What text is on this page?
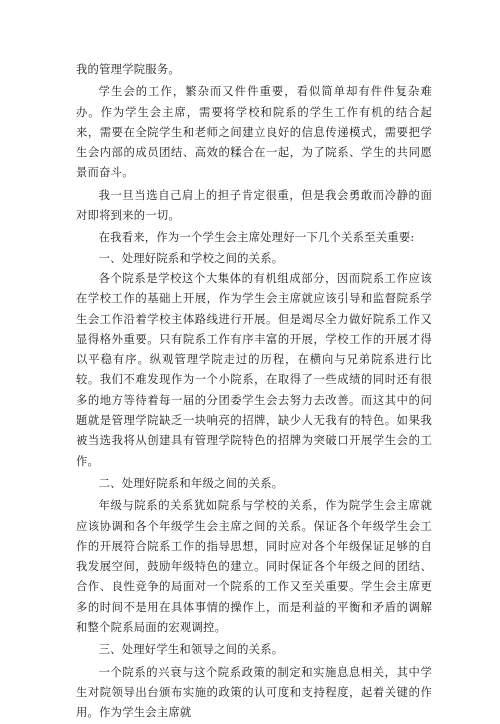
我的管理学院服务。

学生会的工作，繁杂而又件件重要，看似简单却有件件复杂难办。作为学生会主席，需要将学校和院系的学生工作有机的结合起来，需要在全院学生和老师之间建立良好的信息传递模式，需要把学生会内部的成员团结、高效的糅合在一起，为了院系、学生的共同愿景而奋斗。

我一旦当选自己肩上的担子肯定很重，但是我会勇敢而冷静的面对即将到来的一切。

在我看来，作为一个学生会主席处理好一下几个关系至关重要:

一、处理好院系和学校之间的关系。

各个院系是学校这个大集体的有机组成部分，因而院系工作应该在学校工作的基础上开展，作为学生会主席就应该引导和监督院系学生会工作沿着学校主体路线进行开展。但是竭尽全力做好院系工作又显得格外重要。只有院系工作有序丰富的开展，学校工作的开展才得以平稳有序。纵观管理学院走过的历程，在横向与兄弟院系进行比较。我们不难发现作为一个小院系，在取得了一些成绩的同时还有很多的地方等待着每一届的分团委学生会去努力去改善。而这其中的问题就是管理学院缺乏一块响亮的招牌，缺少人无我有的特色。如果我被当选我将从创建具有管理学院特色的招牌为突破口开展学生会的工作。

二、处理好院系和年级之间的关系。

年级与院系的关系犹如院系与学校的关系，作为院学生会主席就应该协调和各个年级学生会主席之间的关系。保证各个年级学生会工作的开展符合院系工作的指导思想，同时应对各个年级保证足够的自我发展空间，鼓励年级特色的建立。同时保证各个年级之间的团结、合作、良性竞争的局面对一个院系的工作又至关重要。学生会主席更多的时间不是用在具体事情的操作上，而是利益的平衡和矛盾的调解和整个院系局面的宏观调控。

三、处理好学生和领导之间的关系。

一个院系的兴衰与这个院系政策的制定和实施息息相关，其中学生对院领导出台颁布实施的政策的认可度和支持程度，起着关键的作用。作为学生会主席就
